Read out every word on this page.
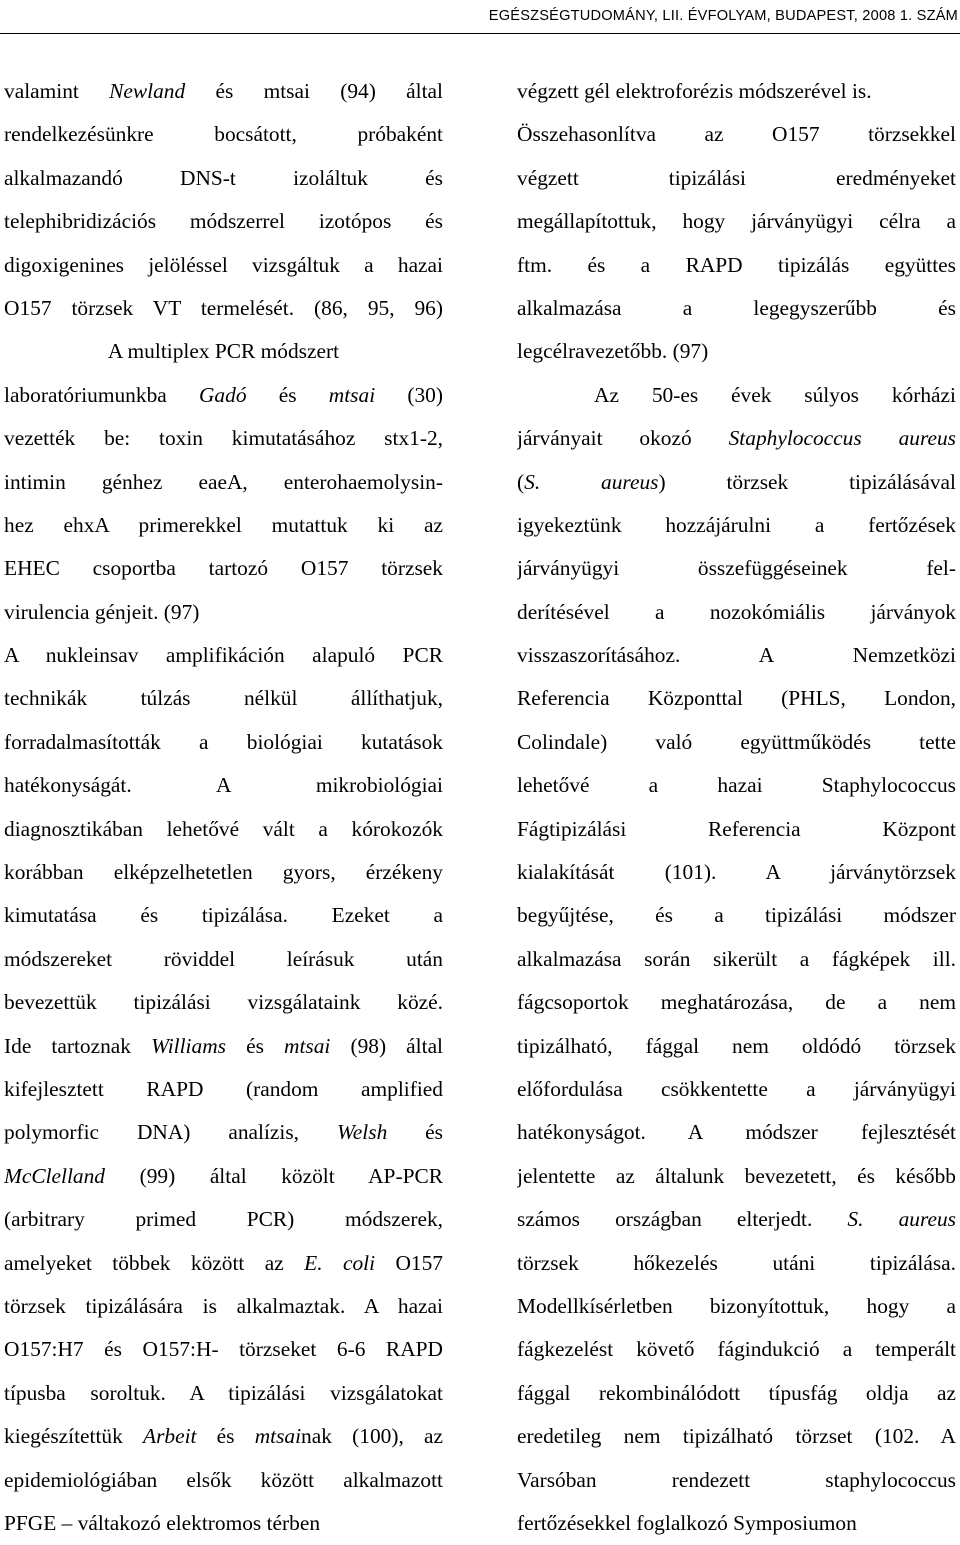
EGÉSZSÉGTUDOMÁNY, LII. ÉVFOLYAM, BUDAPEST, 2008 1. SZÁM
valamint Newland és mtsai (94) által
rendelkezésünkre bocsátott, próbaként
alkalmazandó DNS-t izoláltuk és
telephibridizációs módszerrel izotópos és
digoxigenines jelöléssel vizsgáltuk a hazai
O157 törzsek VT termelését. (86, 95, 96)
A multiplex PCR módszert
laboratóriumunkba Gadó és mtsai (30)
vezették be: toxin kimutatásához stx1-2,
intimin génhez eaeA, enterohaemolysin-
hez ehxA primerekkel mutattuk ki az
EHEC csoportba tartozó O157 törzsek
virulencia génjeit. (97)
A nukleinsav amplifikáción alapuló PCR
technikák túlzás nélkül állíthatjuk,
forradalmasították a biológiai kutatások
hatékonyságát. A mikrobiológiai
diagnosztikában lehetővé vált a kórokozók
korábban elképzelhetetlen gyors, érzékeny
kimutatása és tipizálása. Ezeket a
módszereket röviddel leírásuk után
bevezettük tipizálási vizsgálataink közé.
Ide tartoznak Williams és mtsai (98) által
kifejlesztett RAPD (random amplified
polymorfic DNA) analízis, Welsh és
McClelland (99) által közölt AP-PCR
(arbitrary primed PCR) módszerek,
amelyeket többek között az E. coli O157
törzsek tipizálására is alkalmaztak. A hazai
O157:H7 és O157:H- törzseket 6-6 RAPD
típusba soroltuk. A tipizálási vizsgálatokat
kiegészítettük Arbeit és mtsainak (100), az
epidemiológiában elsők között alkalmazott
PFGE – váltakozó elektromos térben
végzett gél elektroforézis módszerével is.
Összehasonlítva az O157 törzsekkel
végzett tipizálási eredményeket
megállapítottuk, hogy járványügyi célra a
ftm. és a RAPD tipizálás együttes
alkalmazása a legegyszerűbb és
legcélravezetőbb. (97)
Az 50-es évek súlyos kórházi
járványait okozó Staphylococcus aureus
(S. aureus) törzsek tipizálásával
igyekeztünk hozzájárulni a fertőzések
járványügyi összefüggéseinek fel-
derítésével a nozokómiális járványok
visszaszorításához. A Nemzetközi
Referencia Központtal (PHLS, London,
Colindale) való együttműködés tette
lehetővé a hazai Staphylococcus
Fágtipizálási Referencia Központ
kialakítását (101). A járványtörzsek
begyűjtése, és a tipizálási módszer
alkalmazása során sikerült a fágképek ill.
fágcsoportok meghatározása, de a nem
tipizálható, fággal nem oldódó törzsek
előfordulása csökkentette a járványügyi
hatékonyságot. A módszer fejlesztését
jelentette az általunk bevezetett, és később
számos országban elterjedt. S. aureus
törzsek hőkezelés utáni tipizálása.
Modellkísérletben bizonyítottuk, hogy a
fágkezelést követő fágindukció a temperált
fággal rekombinálódott típusfág oldja az
eredetileg nem tipizálható törzset (102. A
Varsóban rendezett staphylococcus
fertőzésekkel foglalkozó Symposiumon
